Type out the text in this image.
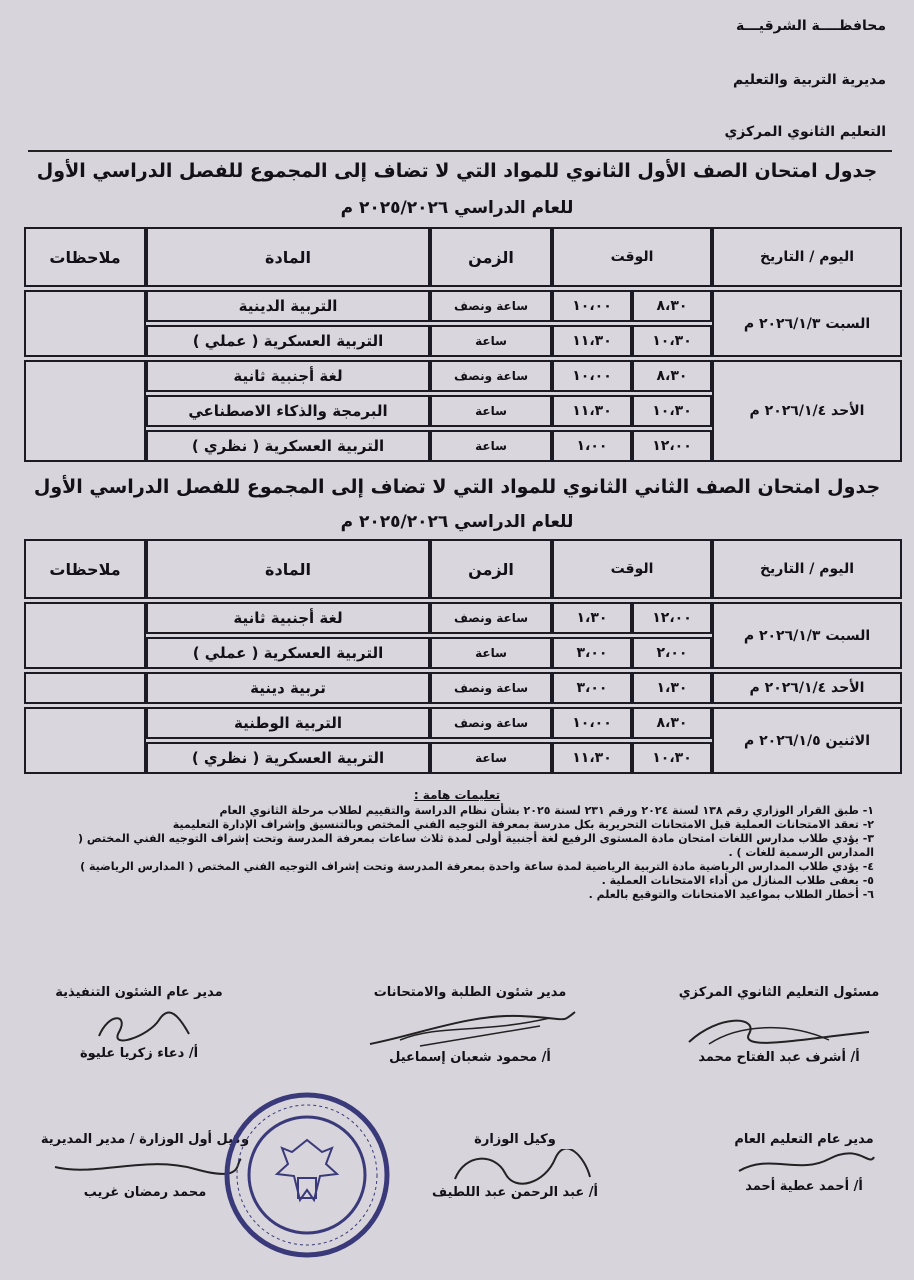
محافظــــة الشرقيـــة
مديرية التربية والتعليم
التعليم الثانوي المركزي
جدول امتحان الصف الأول الثانوي للمواد التي لا تضاف إلى المجموع للفصل الدراسي الأول
للعام الدراسي ٢٠٢٥/٢٠٢٦ م
اليوم / التاريخ	الوقت		الزمن	المادة	ملاحظات
السبت ٢٠٢٦/١/٣ م	٨،٣٠	١٠،٠٠	ساعة ونصف	التربية الدينية	
	١٠،٣٠	١١،٣٠	ساعة	التربية العسكرية ( عملي )	
الأحد ٢٠٢٦/١/٤ م	٨،٣٠	١٠،٠٠	ساعة ونصف	لغة أجنبية ثانية	
	١٠،٣٠	١١،٣٠	ساعة	البرمجة والذكاء الاصطناعي	
	١٢،٠٠	١،٠٠	ساعة	التربية العسكرية ( نظري )	
جدول امتحان الصف الثاني الثانوي للمواد التي لا تضاف إلى المجموع للفصل الدراسي الأول
للعام الدراسي ٢٠٢٥/٢٠٢٦ م
اليوم / التاريخ	الوقت		الزمن	المادة	ملاحظات
السبت ٢٠٢٦/١/٣ م	١٢،٠٠	١،٣٠	ساعة ونصف	لغة أجنبية ثانية	
	٢،٠٠	٣،٠٠	ساعة	التربية العسكرية ( عملي )	
الأحد ٢٠٢٦/١/٤ م	١،٣٠	٣،٠٠	ساعة ونصف	تربية دينية	
الاثنين ٢٠٢٦/١/٥ م	٨،٣٠	١٠،٠٠	ساعة ونصف	التربية الوطنية	
	١٠،٣٠	١١،٣٠	ساعة	التربية العسكرية ( نظري )	
تعليمات هامة :
١- طبق القرار الوزاري رقم ١٣٨ لسنة ٢٠٢٤ ورقم ٢٣١ لسنة ٢٠٢٥ بشأن نظام الدراسة والتقييم لطلاب مرحلة الثانوي العام
٢- تعقد الامتحانات العملية قبل الامتحانات التحريرية بكل مدرسة بمعرفة التوجيه الفني المختص وبالتنسيق وإشراف الإدارة التعليمية
٣- يؤدي طلاب مدارس اللغات امتحان مادة المستوى الرفيع لغة أجنبية أولى لمدة ثلاث ساعات بمعرفة المدرسة وتحت إشراف التوجيه الفني المختص ( المدارس الرسمية للغات ) .
٤- يؤدي طلاب المدارس الرياضية مادة التربية الرياضية لمدة ساعة واحدة بمعرفة المدرسة وتحت إشراف التوجيه الفني المختص ( المدارس الرياضية )
٥- يعفى طلاب المنازل من أداء الامتحانات العملية .
٦- أخطار الطلاب بمواعيد الامتحانات والتوقيع بالعلم .
مسئول التعليم الثانوي المركزي
أ/ أشرف عبد الفتاح محمد
مدير شئون الطلبة والامتحانات
أ/ محمود شعبان إسماعيل
مدير عام الشئون التنفيذية
أ/ دعاء زكريا عليوة
مدير عام التعليم العام
أ/ أحمد عطية أحمد
وكيل الوزارة
أ/ عبد الرحمن عبد اللطيف
وكيل أول الوزارة / مدير المديرية
محمد رمضان غريب
